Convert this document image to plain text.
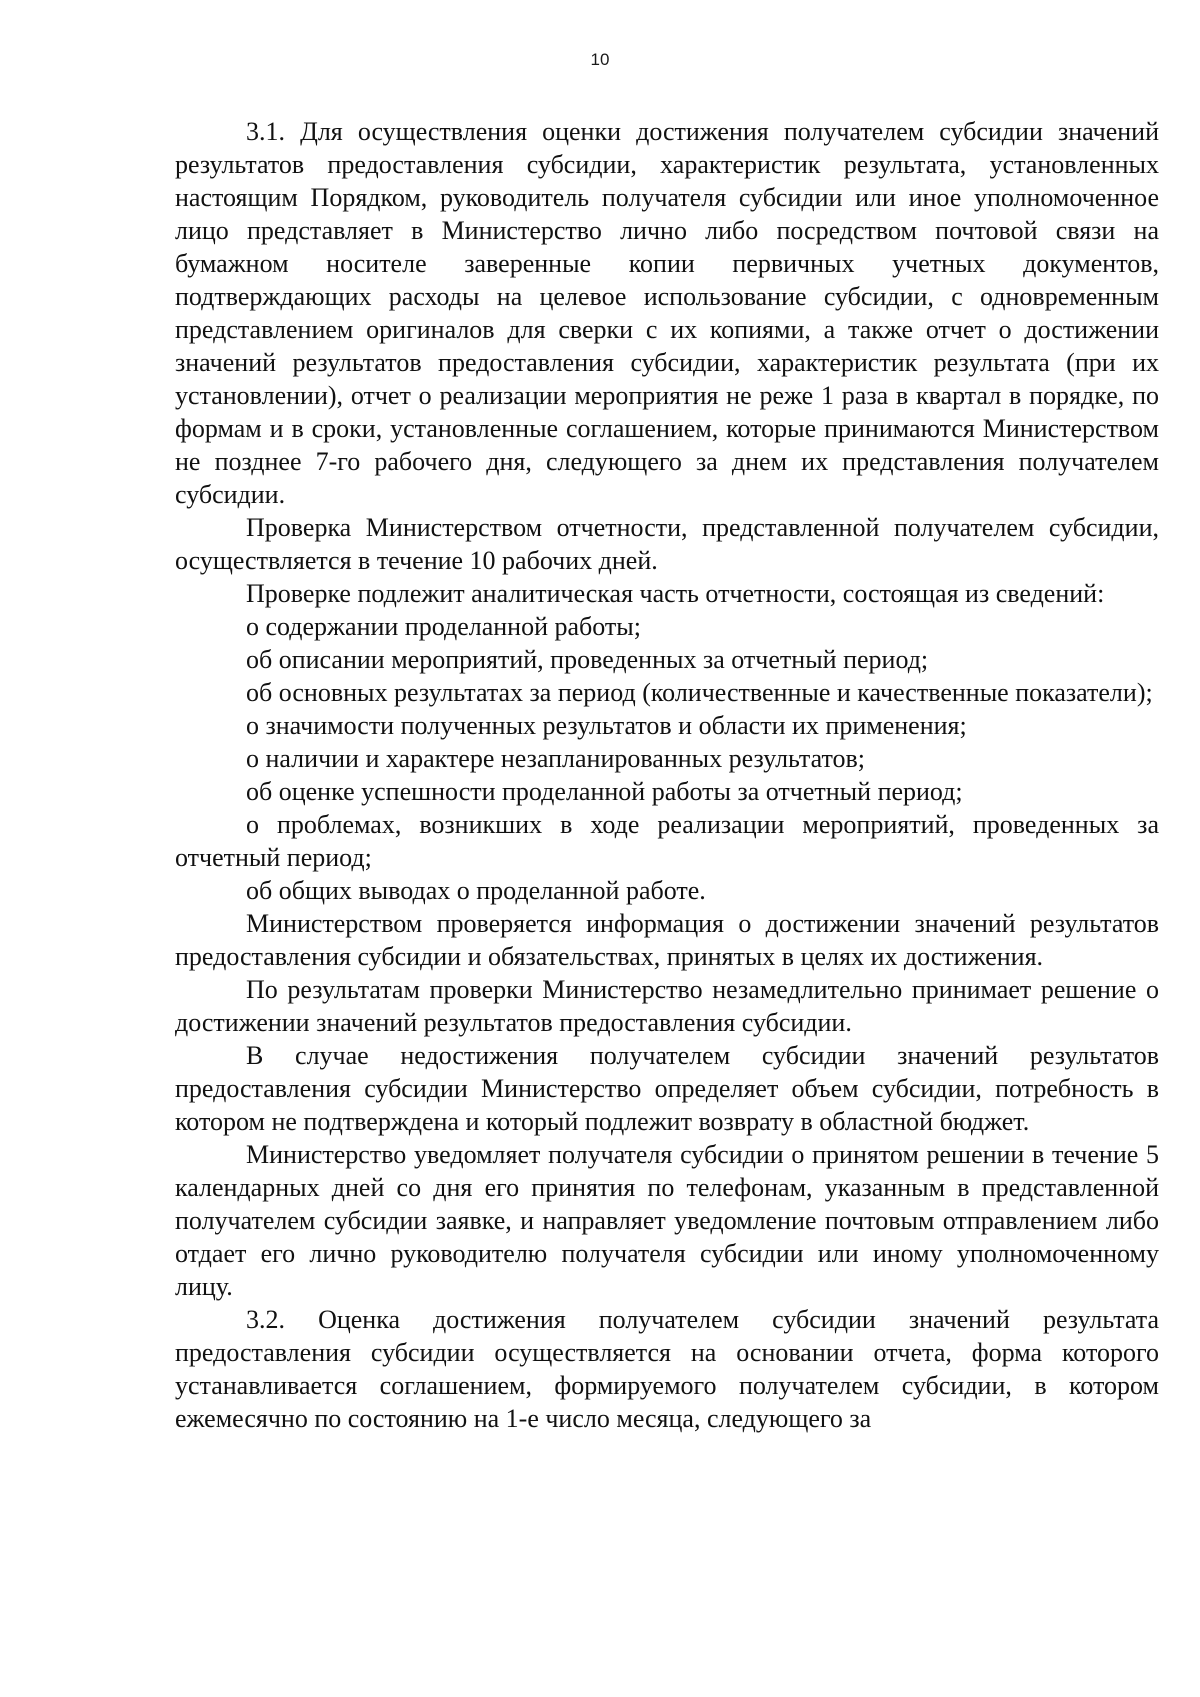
10

3.1. Для осуществления оценки достижения получателем субсидии значений результатов предоставления субсидии, характеристик результата, установленных настоящим Порядком, руководитель получателя субсидии или иное уполномоченное лицо представляет в Министерство лично либо посредством почтовой связи на бумажном носителе заверенные копии первичных учетных документов, подтверждающих расходы на целевое использование субсидии, с одновременным представлением оригиналов для сверки с их копиями, а также отчет о достижении значений результатов предоставления субсидии, характеристик результата (при их установлении), отчет о реализации мероприятия не реже 1 раза в квартал в порядке, по формам и в сроки, установленные соглашением, которые принимаются Министерством не позднее 7-го рабочего дня, следующего за днем их представления получателем субсидии.

Проверка Министерством отчетности, представленной получателем субсидии, осуществляется в течение 10 рабочих дней.

Проверке подлежит аналитическая часть отчетности, состоящая из сведений:

о содержании проделанной работы;

об описании мероприятий, проведенных за отчетный период;

об основных результатах за период (количественные и качественные показатели);

о значимости полученных результатов и области их применения;

о наличии и характере незапланированных результатов;

об оценке успешности проделанной работы за отчетный период;

о проблемах, возникших в ходе реализации мероприятий, проведенных за отчетный период;

об общих выводах о проделанной работе.

Министерством проверяется информация о достижении значений результатов предоставления субсидии и обязательствах, принятых в целях их достижения.

По результатам проверки Министерство незамедлительно принимает решение о достижении значений результатов предоставления субсидии.

В случае недостижения получателем субсидии значений результатов предоставления субсидии Министерство определяет объем субсидии, потребность в котором не подтверждена и который подлежит возврату в областной бюджет.

Министерство уведомляет получателя субсидии о принятом решении в течение 5 календарных дней со дня его принятия по телефонам, указанным в представленной получателем субсидии заявке, и направляет уведомление почтовым отправлением либо отдает его лично руководителю получателя субсидии или иному уполномоченному лицу.

3.2. Оценка достижения получателем субсидии значений результата предоставления субсидии осуществляется на основании отчета, форма которого устанавливается соглашением, формируемого получателем субсидии, в котором ежемесячно по состоянию на 1-е число месяца, следующего за
